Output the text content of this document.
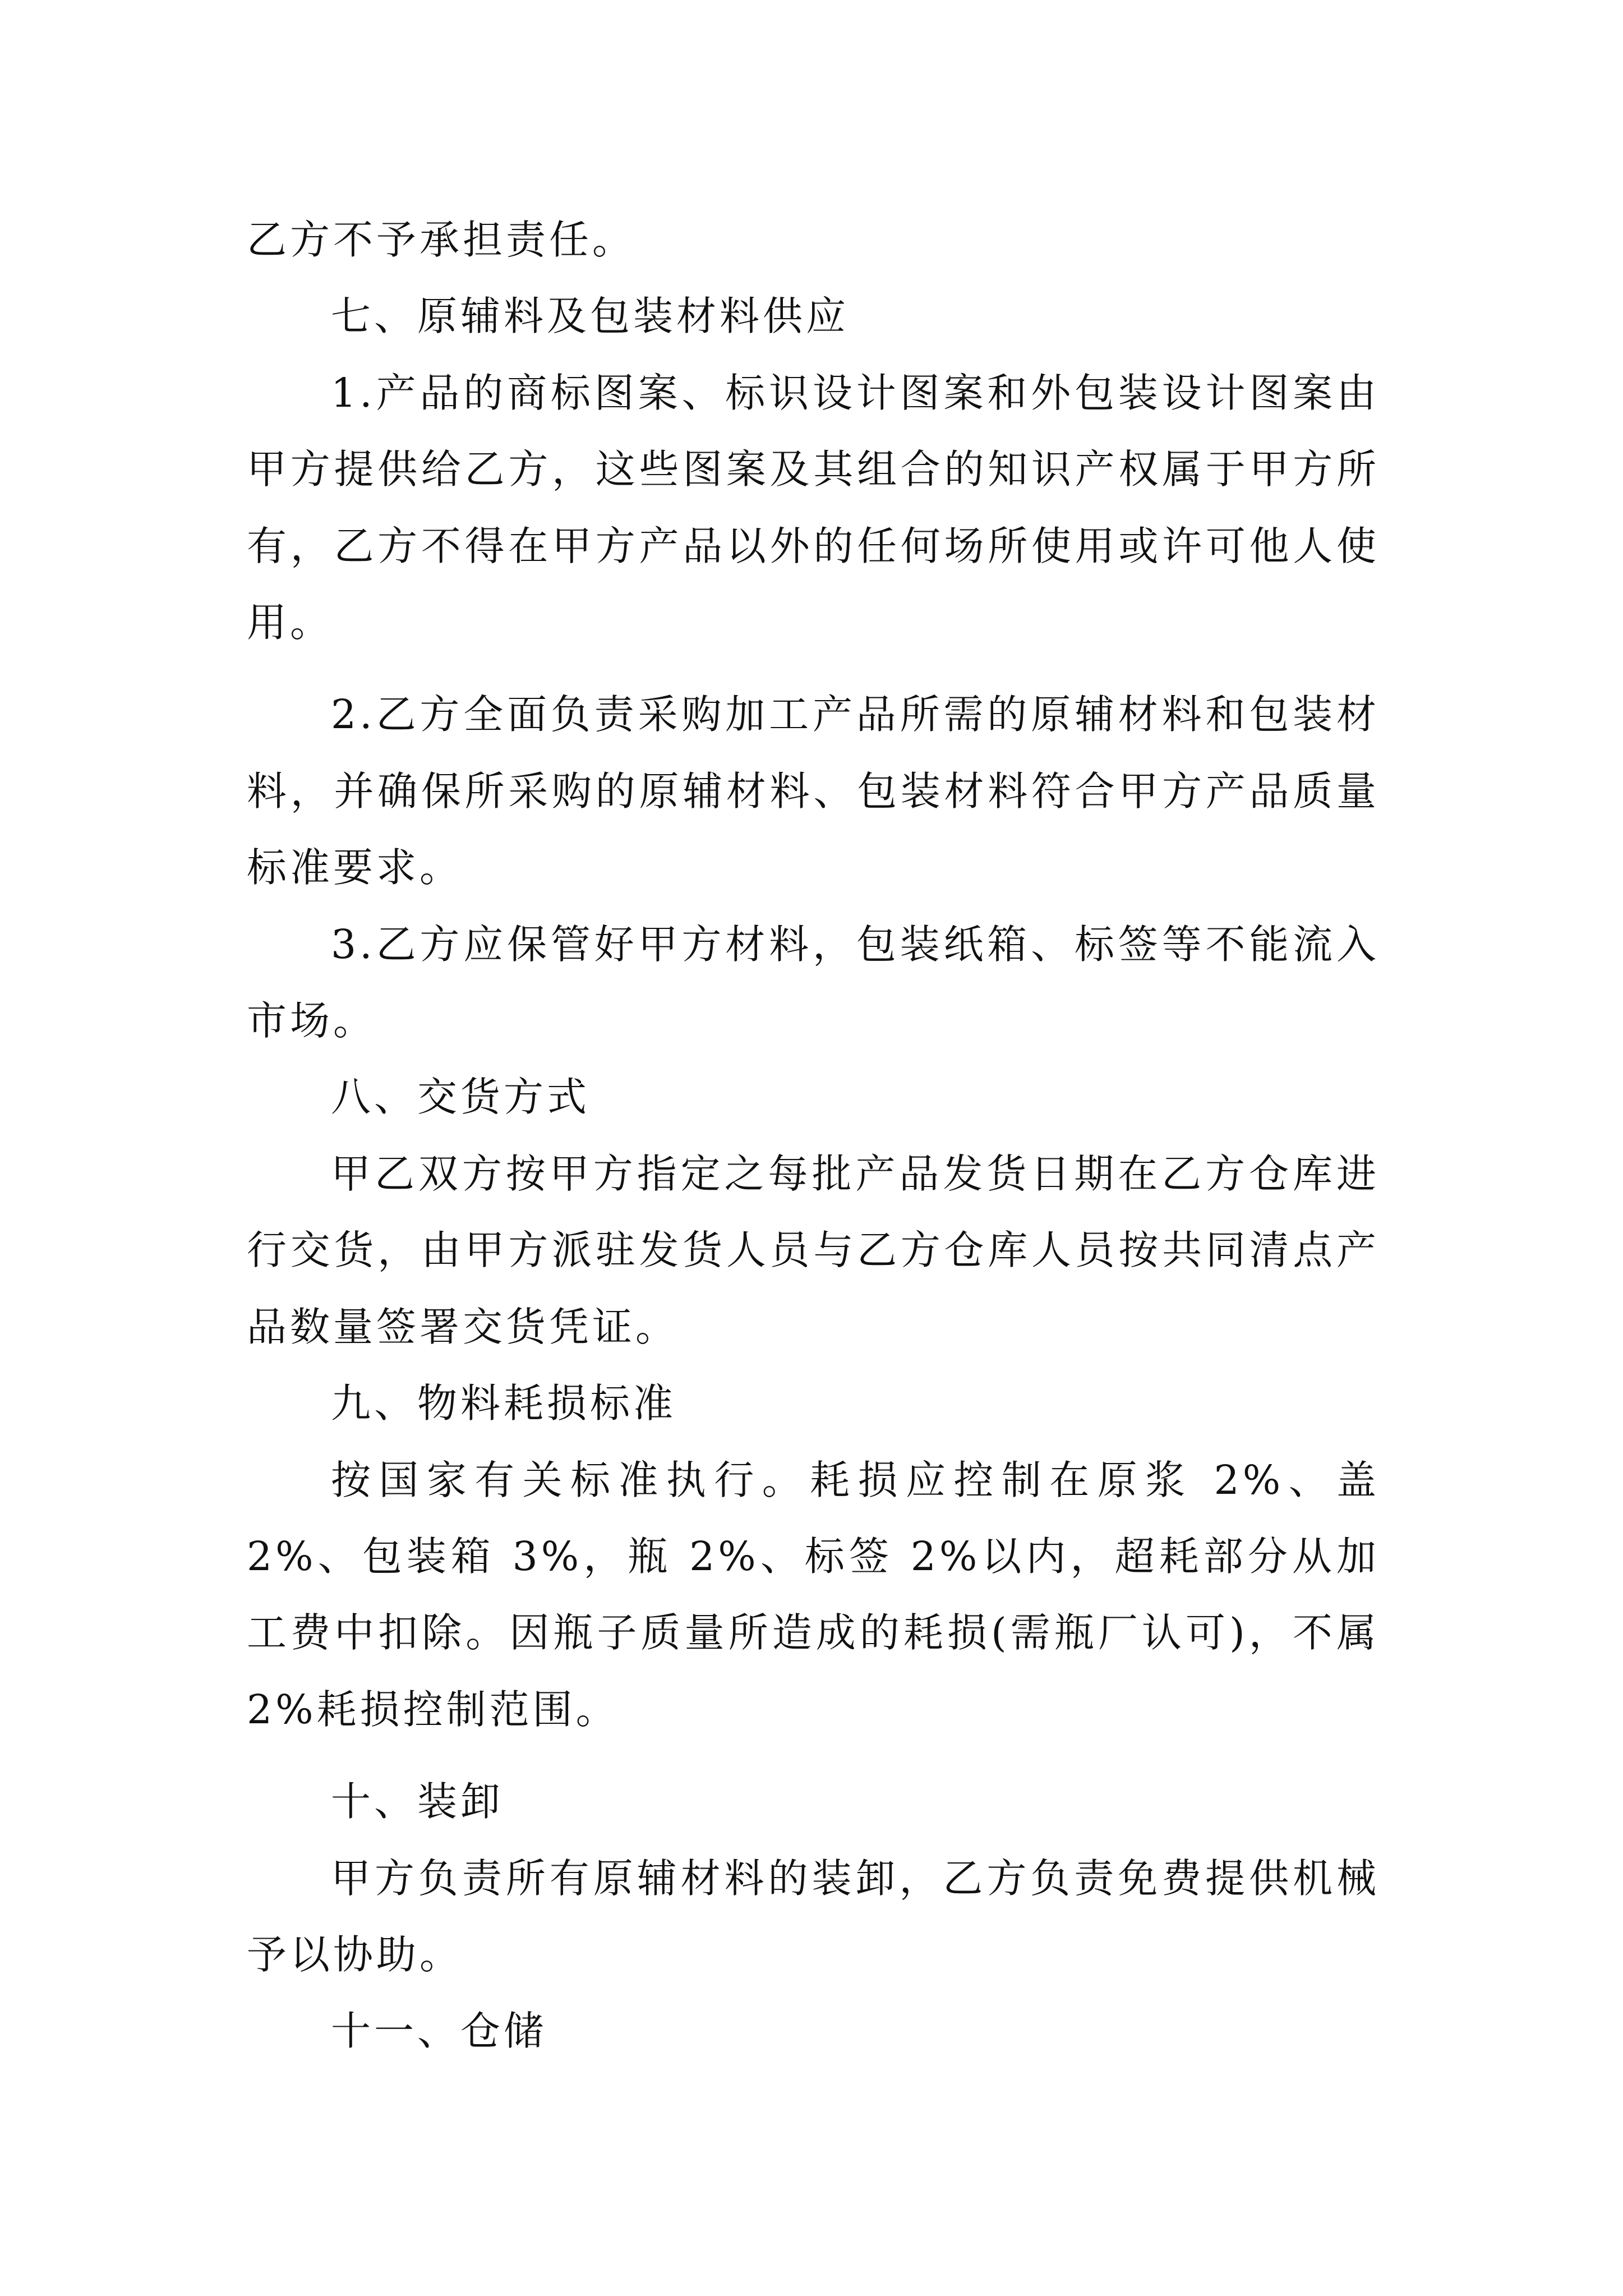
乙方不予承担责任。

七、原辅料及包装材料供应

1.产品的商标图案、标识设计图案和外包装设计图案由甲方提供给乙方，这些图案及其组合的知识产权属于甲方所有，乙方不得在甲方产品以外的任何场所使用或许可他人使用。

2.乙方全面负责采购加工产品所需的原辅材料和包装材料，并确保所采购的原辅材料、包装材料符合甲方产品质量标准要求。

3.乙方应保管好甲方材料，包装纸箱、标签等不能流入市场。

八、交货方式

甲乙双方按甲方指定之每批产品发货日期在乙方仓库进行交货，由甲方派驻发货人员与乙方仓库人员按共同清点产品数量签署交货凭证。

九、物料耗损标准

按国家有关标准执行。耗损应控制在原浆 2%、盖 2%、包装箱 3%，瓶 2%、标签 2%以内，超耗部分从加工费中扣除。因瓶子质量所造成的耗损(需瓶厂认可)，不属 2%耗损控制范围。

十、装卸

甲方负责所有原辅材料的装卸，乙方负责免费提供机械予以协助。

十一、仓储
